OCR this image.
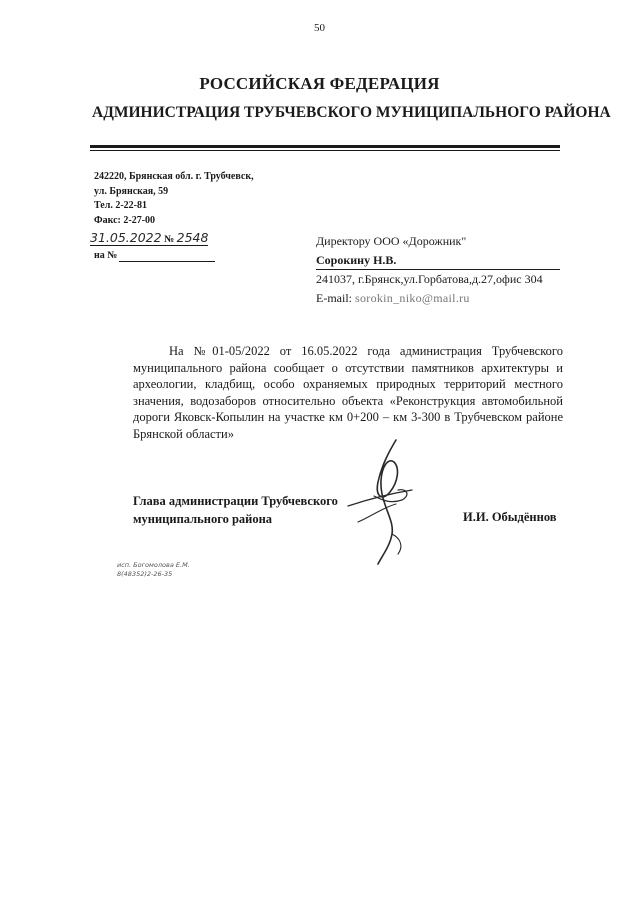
50
РОССИЙСКАЯ ФЕДЕРАЦИЯ
АДМИНИСТРАЦИЯ ТРУБЧЕВСКОГО МУНИЦИПАЛЬНОГО РАЙОНА
242220, Брянская обл. г. Трубчевск,
ул. Брянская, 59
Тел. 2-22-81
Факс: 2-27-00
31.05.2022 № 2548
на №
Директору ООО «Дорожник"
Сорокину Н.В.
241037, г.Брянск,ул.Горбатова,д.27,офис 304
E-mail: sorokin_niko@mail.ru
На №01-05/2022 от 16.05.2022 года администрация Трубчевского муниципального района сообщает о отсутствии памятников архитектуры и археологии, кладбищ, особо охраняемых природных территорий местного значения, водозаборов относительно объекта «Реконструкция автомобильной дороги Яковск-Копылин на участке км 0+200 – км 3-300 в Трубчевском районе Брянской области»
Глава администрации Трубчевского
муниципального района	И.И. Обыдённов
исп. Богомолова Е.М.
8(48352)2-26-35
